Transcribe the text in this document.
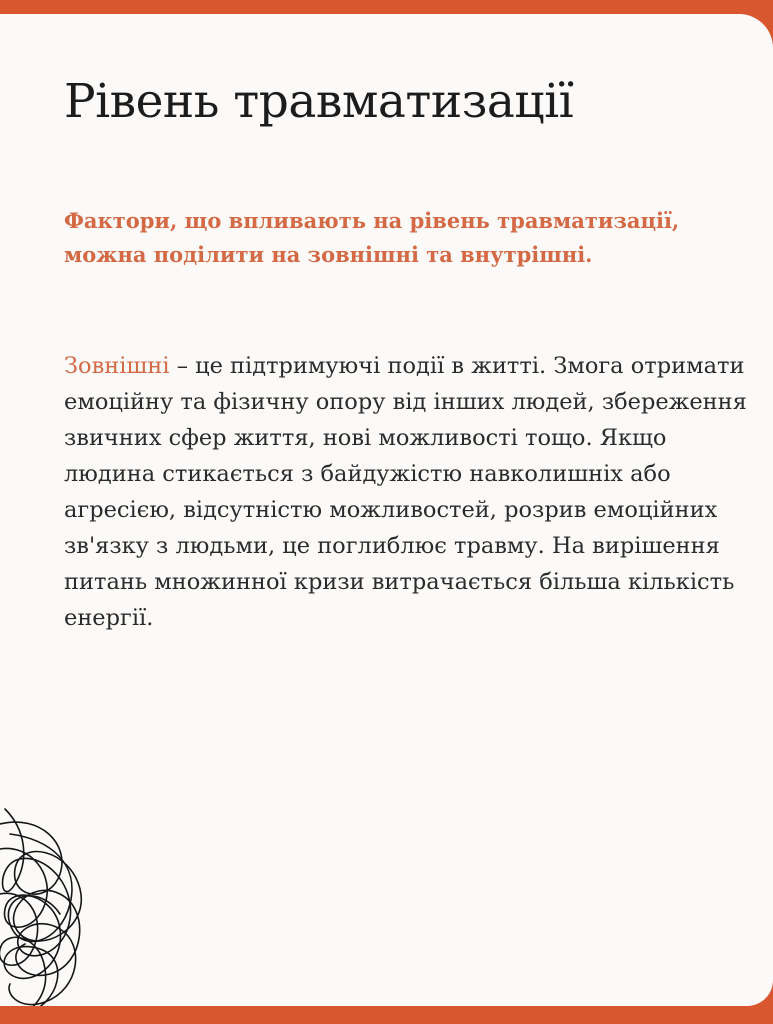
Рівень травматизації

Фактори, що впливають на рівень травматизації, можна поділити на зовнішні та внутрішні.

Зовнішні – це підтримуючі події в житті. Змога отримати емоційну та фізичну опору від інших людей, збереження звичних сфер життя, нові можливості тощо. Якщо людина стикається з байдужістю навколишніх або агресією, відсутністю можливостей, розрив емоційних зв'язку з людьми, це поглиблює травму. На вирішення питань множинної кризи витрачається більша кількість енергії.
